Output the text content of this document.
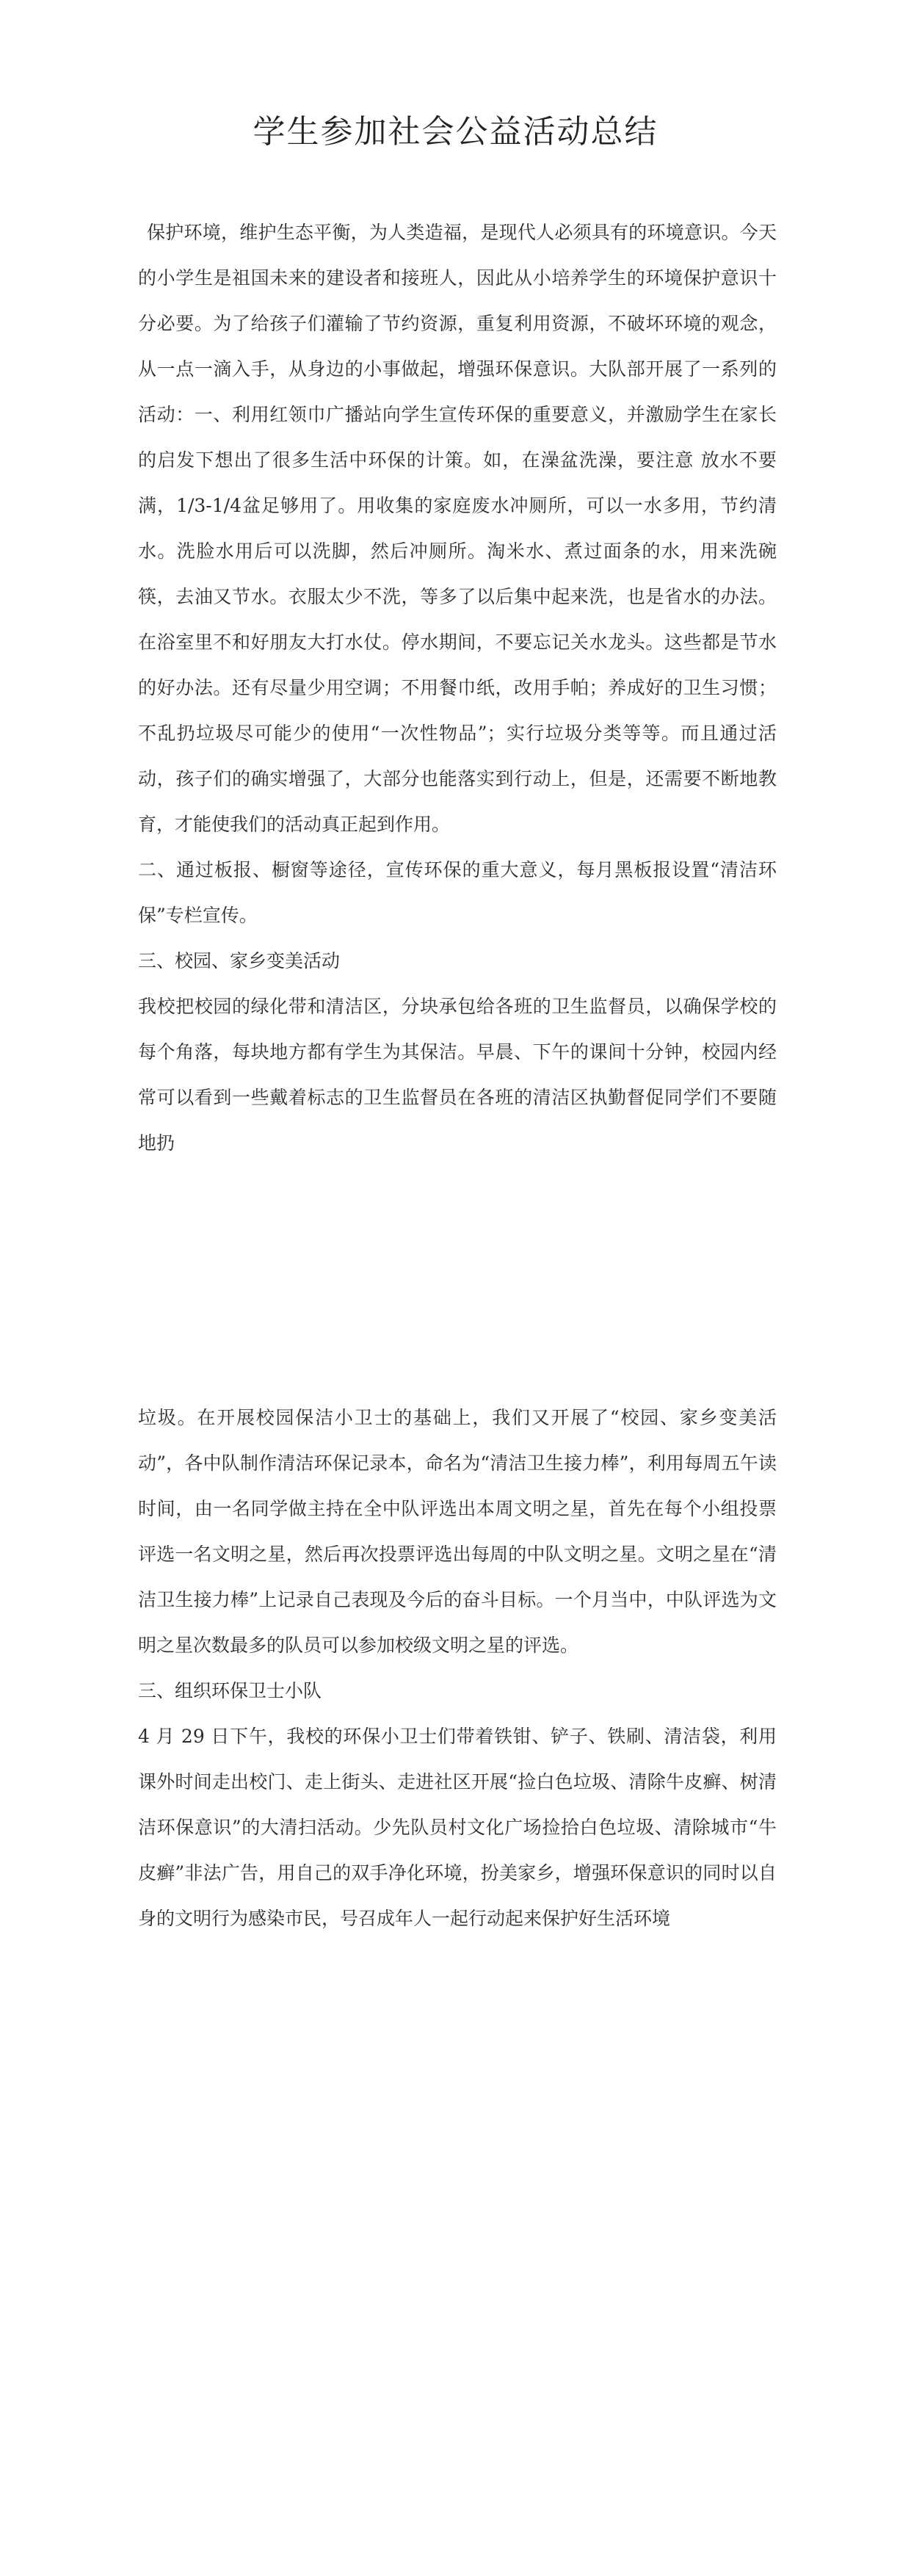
学生参加社会公益活动总结

保护环境，维护生态平衡，为人类造福，是现代人必须具有的环境意识。今天的小学生是祖国未来的建设者和接班人，因此从小培养学生的环境保护意识十分必要。为了给孩子们灌输了节约资源，重复利用资源，不破坏环境的观念，从一点一滴入手，从身边的小事做起，增强环保意识。大队部开展了一系列的活动：一、利用红领巾广播站向学生宣传环保的重要意义，并激励学生在家长的启发下想出了很多生活中环保的计策。如，在澡盆洗澡，要注意 放水不要满，1/3-1/4盆足够用了。用收集的家庭废水冲厕所，可以一水多用，节约清水。洗脸水用后可以洗脚，然后冲厕所。淘米水、煮过面条的水，用来洗碗筷，去油又节水。衣服太少不洗，等多了以后集中起来洗，也是省水的办法。在浴室里不和好朋友大打水仗。停水期间，不要忘记关水龙头。这些都是节水的好办法。还有尽量少用空调；不用餐巾纸，改用手帕；养成好的卫生习惯；不乱扔垃圾尽可能少的使用“一次性物品”；实行垃圾分类等等。而且通过活动，孩子们的确实增强了，大部分也能落实到行动上，但是，还需要不断地教育，才能使我们的活动真正起到作用。

二、通过板报、橱窗等途径，宣传环保的重大意义，每月黑板报设置“清洁环保”专栏宣传。

三、校园、家乡变美活动

我校把校园的绿化带和清洁区，分块承包给各班的卫生监督员，以确保学校的每个角落，每块地方都有学生为其保洁。早晨、下午的课间十分钟，校园内经常可以看到一些戴着标志的卫生监督员在各班的清洁区执勤督促同学们不要随地扔

垃圾。在开展校园保洁小卫士的基础上，我们又开展了“校园、家乡变美活动”，各中队制作清洁环保记录本，命名为“清洁卫生接力棒”，利用每周五午读时间，由一名同学做主持在全中队评选出本周文明之星，首先在每个小组投票评选一名文明之星，然后再次投票评选出每周的中队文明之星。文明之星在“清洁卫生接力棒”上记录自己表现及今后的奋斗目标。一个月当中，中队评选为文明之星次数最多的队员可以参加校级文明之星的评选。

三、组织环保卫士小队

4 月 29 日下午，我校的环保小卫士们带着铁钳、铲子、铁刷、清洁袋，利用课外时间走出校门、走上街头、走进社区开展“捡白色垃圾、清除牛皮癣、树清洁环保意识”的大清扫活动。少先队员村文化广场捡拾白色垃圾、清除城市“牛皮癣”非法广告，用自己的双手净化环境，扮美家乡，增强环保意识的同时以自身的文明行为感染市民，号召成年人一起行动起来保护好生活环境
